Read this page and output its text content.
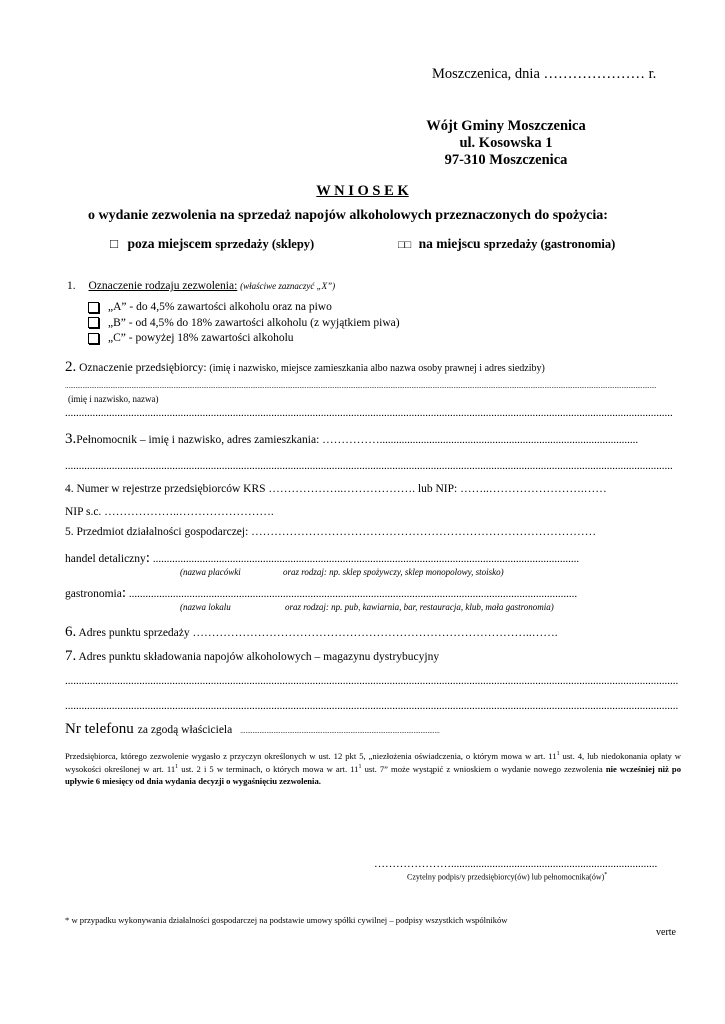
Moszczenica, dnia ………………… r.
Wójt Gminy Moszczenica
ul. Kosowska 1
97-310 Moszczenica
W N I O S E K
o wydanie zezwolenia na sprzedaż napojów alkoholowych przeznaczonych do spożycia:
□ poza miejscem sprzedaży (sklepy)	□□ na miejscu sprzedaży (gastronomia)
1. Oznaczenie rodzaju zezwolenia: (właściwe zaznaczyć „X”)
„A” - do 4,5% zawartości alkoholu oraz na piwo
„B” - od 4,5% do 18% zawartości alkoholu (z wyjątkiem piwa)
„C” - powyżej 18% zawartości alkoholu
2. Oznaczenie przedsiębiorcy: (imię i nazwisko, miejsce zamieszkania albo nazwa osoby prawnej i adres siedziby)
..................................................................................................................................................................................................................................................................................................................................................
(imię i nazwisko, nazwa)
.............................................................................................................................................................................................................................
3.Pełnomocnik – imię i nazwisko, adres zamieszkania: ……………..............................................................................................
.............................................................................................................................................................................................................................
4. Numer w rejestrze przedsiębiorców KRS ………………..………………. lub NIP: ……..…………………….……
NIP s.c. ………………..…………………….
5. Przedmiot działalności gospodarczej: ………………………………………………………………………………
handel detaliczny: ...........................................................................................................................................................
(nazwa placówki	oraz rodzaj: np. sklep spożywczy, sklep monopolowy, stoisko)
gastronomia: ...................................................................................................................................................................
(nazwa lokalu	oraz rodzaj: np. pub, kawiarnia, bar, restauracja, klub, mała gastronomia)
6. Adres punktu sprzedaży ……………………………………………………………………………..…….
7. Adres punktu składowania napojów alkoholowych – magazynu dystrybucyjny
...............................................................................................................................................................................................................................
...............................................................................................................................................................................................................................
Nr telefonu za zgodą właściciela ..................................................................................................................
Przedsiębiorca, którego zezwolenie wygasło z przyczyn określonych w ust. 12 pkt 5, „niezłożenia oświadczenia, o którym mowa w art. $11^1$ ust. 4, lub niedokonania opłaty w wysokości określonej w art. $11^1$ ust. 2 i 5 w terminach, o których mowa w art. $11^1$ ust. 7” może wystąpić z wnioskiem o wydanie nowego zezwolenia nie wcześniej niż po upływie 6 miesięcy od dnia wydania decyzji o wygaśnięciu zezwolenia.
…………………...........................................................................
Czytelny podpis/y przedsiębiorcy(ów) lub pełnomocnika(ów)*
* w przypadku wykonywania działalności gospodarczej na podstawie umowy spółki cywilnej – podpisy wszystkich wspólników
verte
